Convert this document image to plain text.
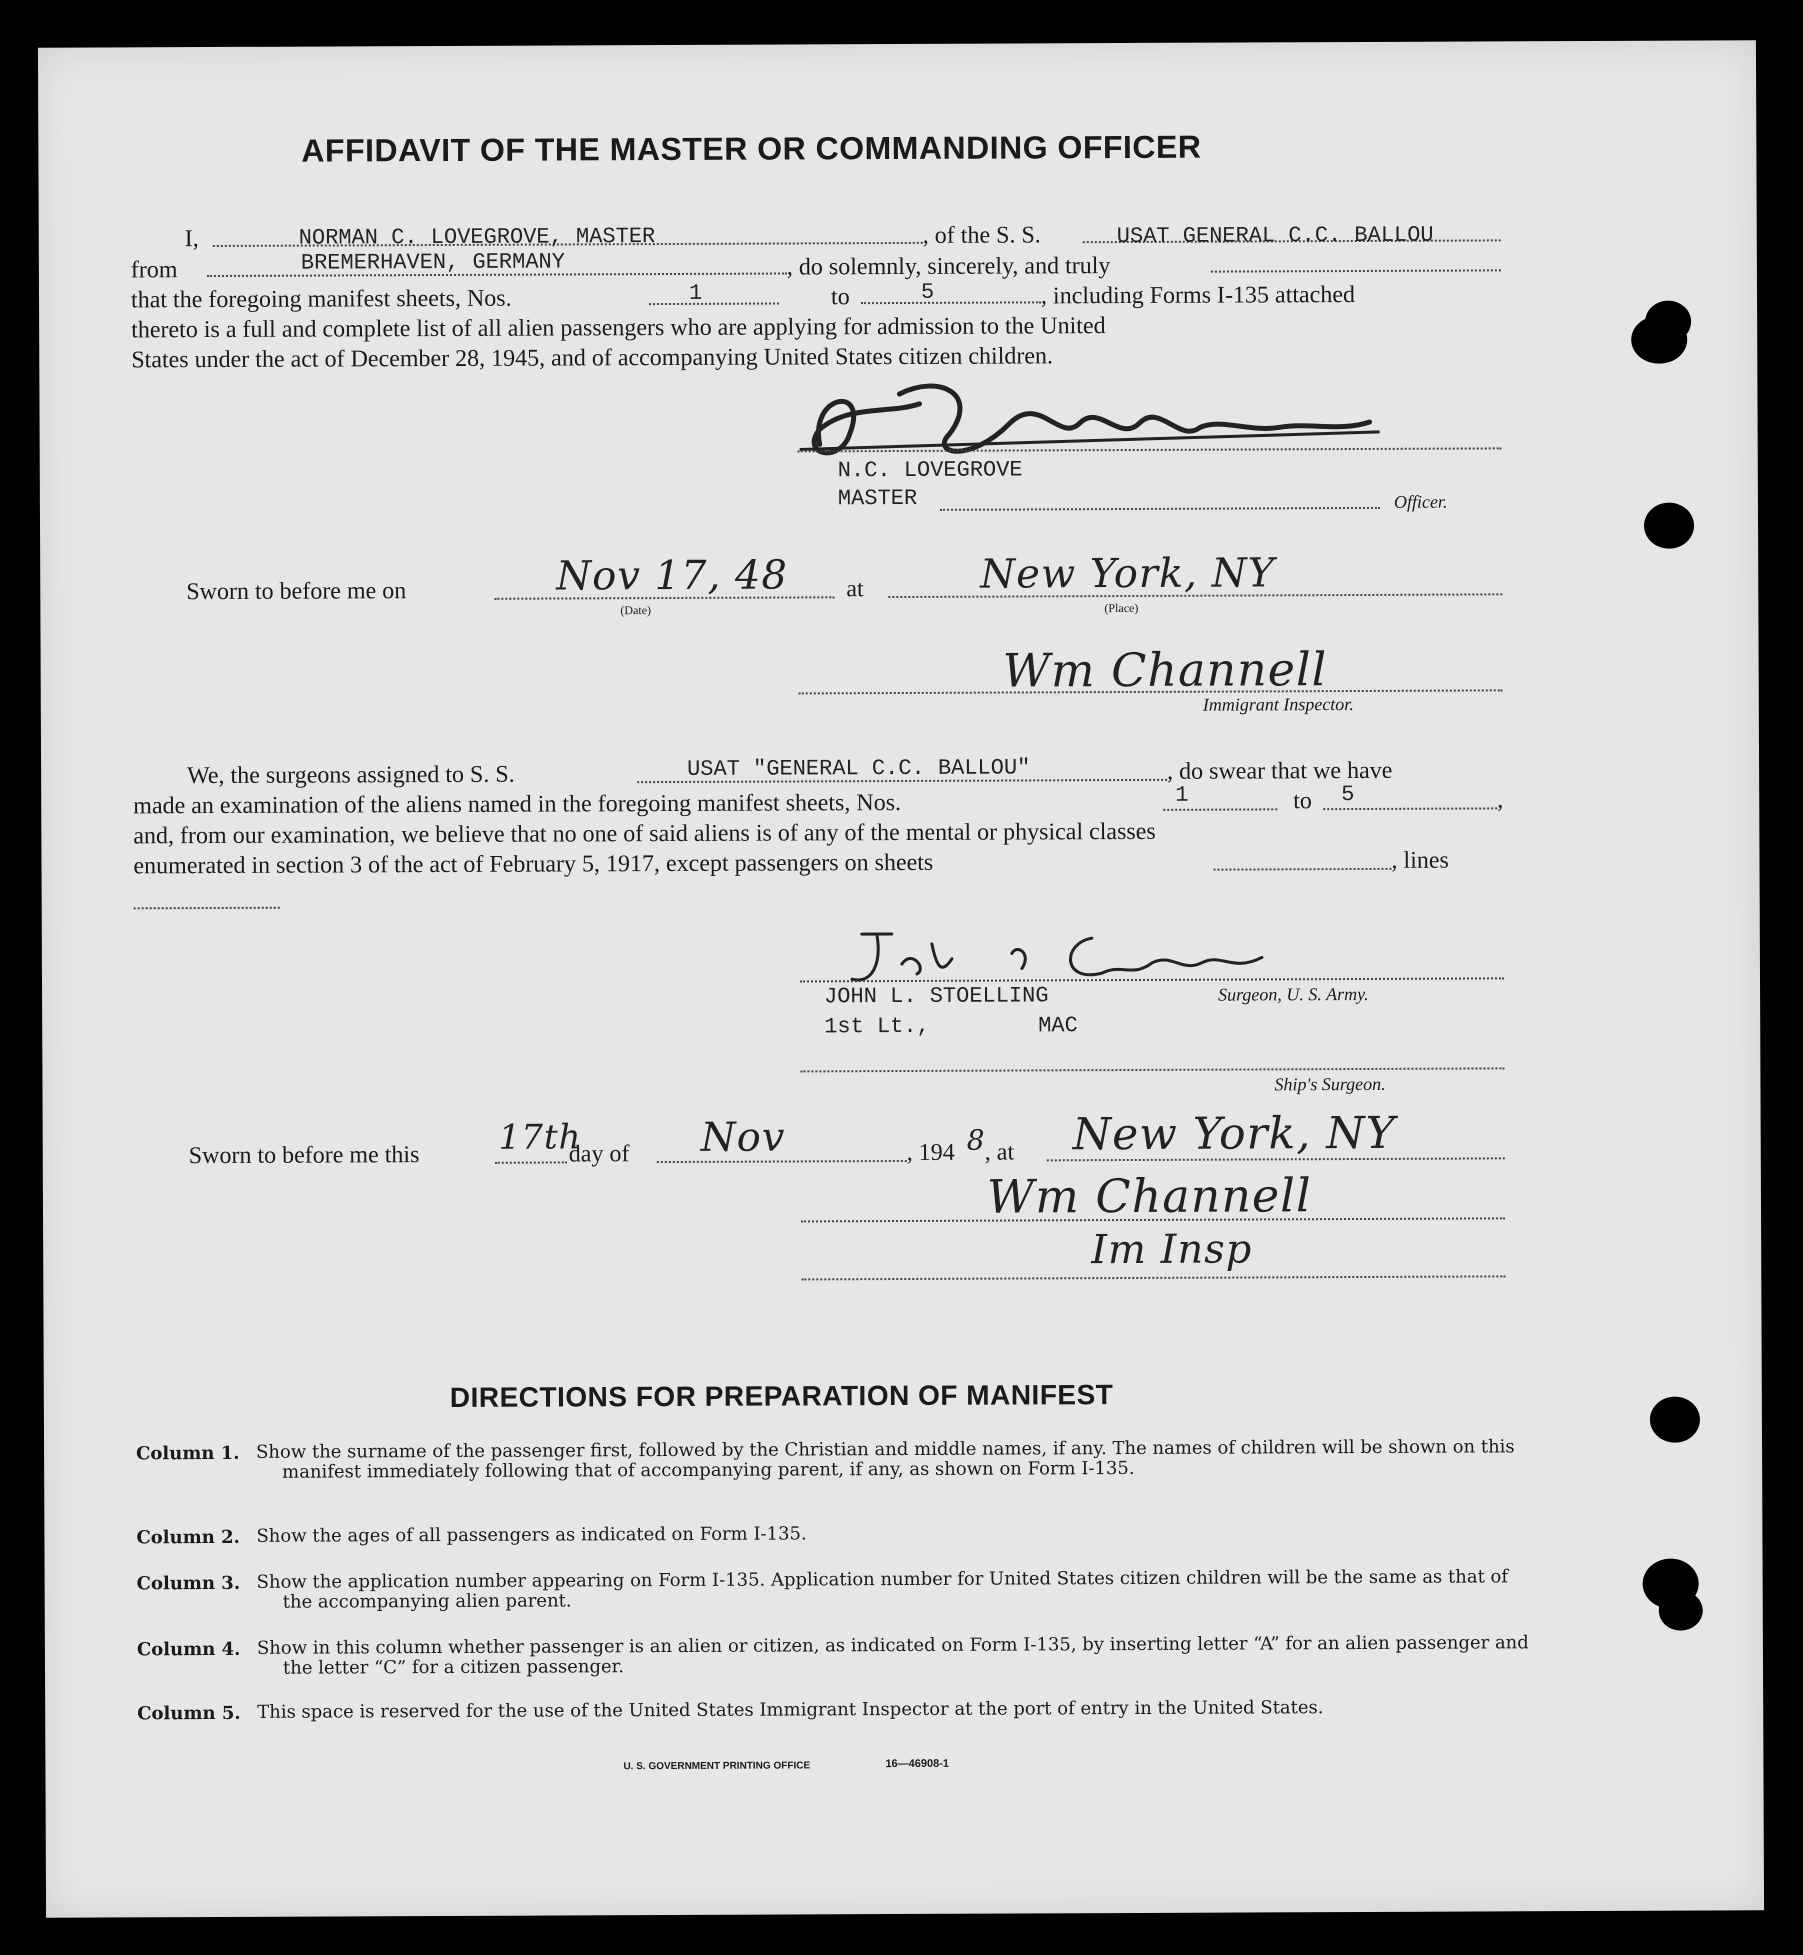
AFFIDAVIT OF THE MASTER OR COMMANDING OFFICER
I,	NORMAN C. LOVEGROVE, MASTER	, of the S. S.	USAT GENERAL C.C. BALLOU
from	BREMERHAVEN, GERMANY	, do solemnly, sincerely, and truly
that the foregoing manifest sheets, Nos.	1	to	5	, including Forms I-135 attached
thereto is a full and complete list of all alien passengers who are applying for admission to the United
States under the act of December 28, 1945, and of accompanying United States citizen children.
N.C. LOVEGROVE
MASTER	Officer.
Sworn to before me on	Nov 17, 48
(Date)
at	New York, NY
(Place)
Wm Channell
Immigrant Inspector.
We, the surgeons assigned to S. S.	USAT "GENERAL C.C. BALLOU"	, do swear that we have
made an examination of the aliens named in the foregoing manifest sheets, Nos.	1	to 5	,
and, from our examination, we believe that no one of said aliens is of any of the mental or physical classes
enumerated in section 3 of the act of February 5, 1917, except passengers on sheets	, lines
JOHN L. STOELLING
1st Lt.,	MAC
Surgeon, U. S. Army.
Ship's Surgeon.
Sworn to before me this 17th
day of Nov	, 194 8 , at New York, NY
Wm Channell
Im Insp
DIRECTIONS FOR PREPARATION OF MANIFEST
Column 1. Show the surname of the passenger first, followed by the Christian and middle names, if any. The names of children will be shown on this manifest immediately following that of accompanying parent, if any, as shown on Form I-135.
Column 2. Show the ages of all passengers as indicated on Form I-135.
Column 3. Show the application number appearing on Form I-135. Application number for United States citizen children will be the same as that of the accompanying alien parent.
Column 4. Show in this column whether passenger is an alien or citizen, as indicated on Form I-135, by inserting letter “A” for an alien passenger and the letter “C” for a citizen passenger.
Column 5. This space is reserved for the use of the United States Immigrant Inspector at the port of entry in the United States.
U. S. GOVERNMENT PRINTING OFFICE	16—46908-1
